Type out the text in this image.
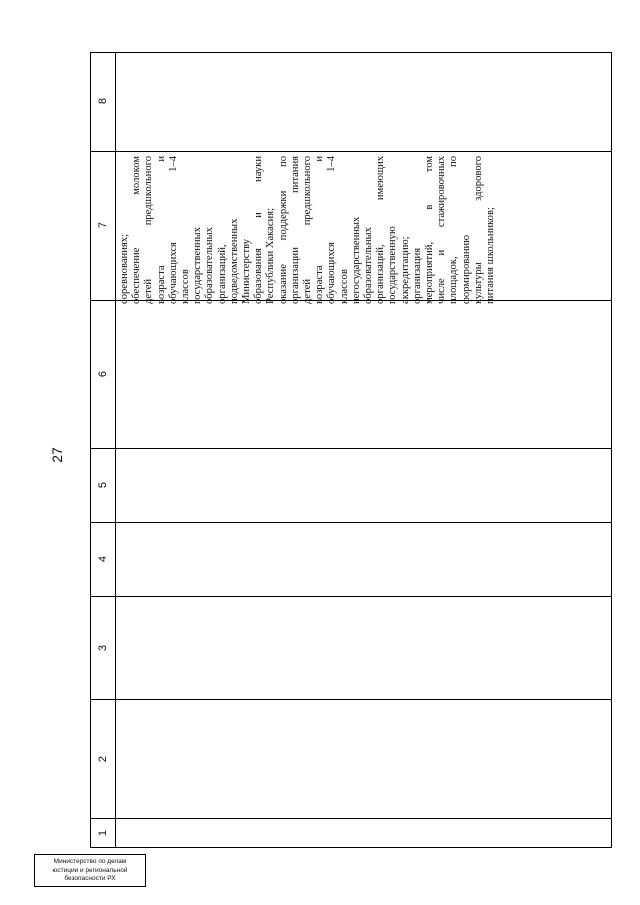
27
8
7
6
5
4
3
2
1
соревнованиях; обеспечение молоком детей предшкольного возраста и обучающихся 1–4 классов государственных образовательных организаций, подведомственных Министерству образования и науки Республики Хакасия; оказание поддержки по организации питания детей предшкольного возраста и обучающихся 1–4 классов негосударственных образовательных организаций, имеющих государственную аккредитацию; организация мероприятий, в том числе и стажировочных площадок, по формированию культуры здорового питания школьников;
Министерство по делам
юстиции и региональной
безопасности РХ
